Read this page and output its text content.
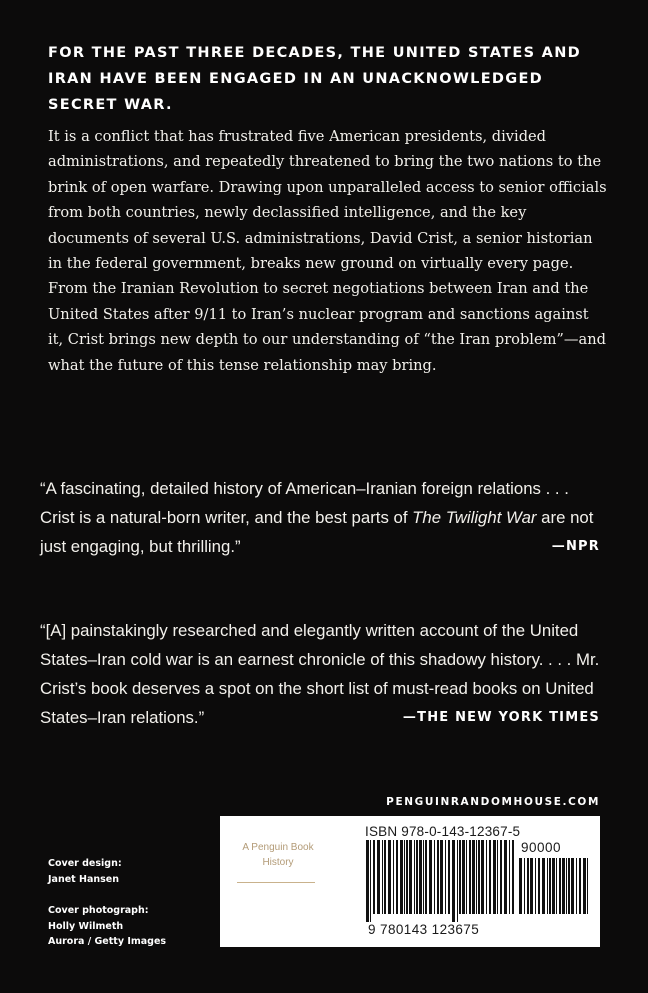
FOR THE PAST THREE DECADES, THE UNITED STATES AND IRAN HAVE BEEN ENGAGED IN AN UNACKNOWLEDGED SECRET WAR.

It is a conflict that has frustrated five American presidents, divided administrations, and repeatedly threatened to bring the two nations to the brink of open warfare. Drawing upon unparalleled access to senior officials from both countries, newly declassified intelligence, and the key documents of several U.S. administrations, David Crist, a senior historian in the federal government, breaks new ground on virtually every page. From the Iranian Revolution to secret negotiations between Iran and the United States after 9/11 to Iran’s nuclear program and sanctions against it, Crist brings new depth to our understanding of “the Iran problem”—and what the future of this tense relationship may bring.

“A fascinating, detailed history of American–Iranian foreign relations . . . Crist is a natural-born writer, and the best parts of The Twilight War are not just engaging, but thrilling.”	—NPR
“[A] painstakingly researched and elegantly written account of the United States–Iran cold war is an earnest chronicle of this shadowy history. . . . Mr. Crist’s book deserves a spot on the short list of must-read books on United States–Iran relations.”	—THE NEW YORK TIMES
PENGUINRANDOMHOUSE.COM
Cover design:
Janet Hansen
Cover photograph:
Holly Wilmeth
Aurora / Getty Images
A Penguin Book
History
ISBN 978-0-143-12367-5
90000
9 780143 123675
